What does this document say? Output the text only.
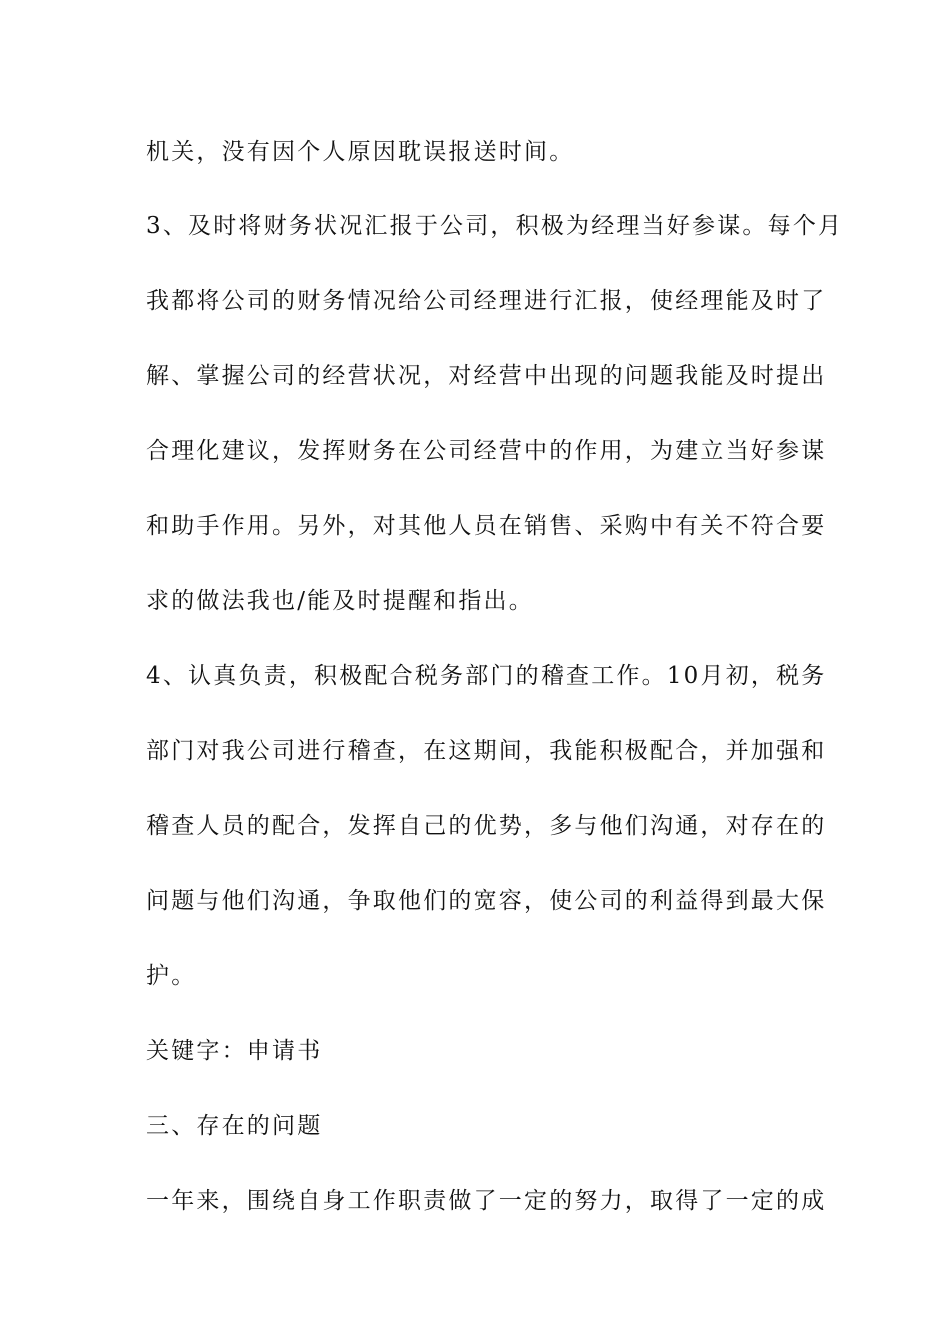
机关，没有因个人原因耽误报送时间。
3、及时将财务状况汇报于公司，积极为经理当好参谋。每个月
我都将公司的财务情况给公司经理进行汇报，使经理能及时了
解、掌握公司的经营状况，对经营中出现的问题我能及时提出
合理化建议，发挥财务在公司经营中的作用，为建立当好参谋
和助手作用。另外，对其他人员在销售、采购中有关不符合要
求的做法我也/能及时提醒和指出。
4、认真负责，积极配合税务部门的稽查工作。10月初，税务
部门对我公司进行稽查，在这期间，我能积极配合，并加强和
稽查人员的配合，发挥自己的优势，多与他们沟通，对存在的
问题与他们沟通，争取他们的宽容，使公司的利益得到最大保
护。
关键字：申请书
三、存在的问题
一年来，围绕自身工作职责做了一定的努力，取得了一定的成
